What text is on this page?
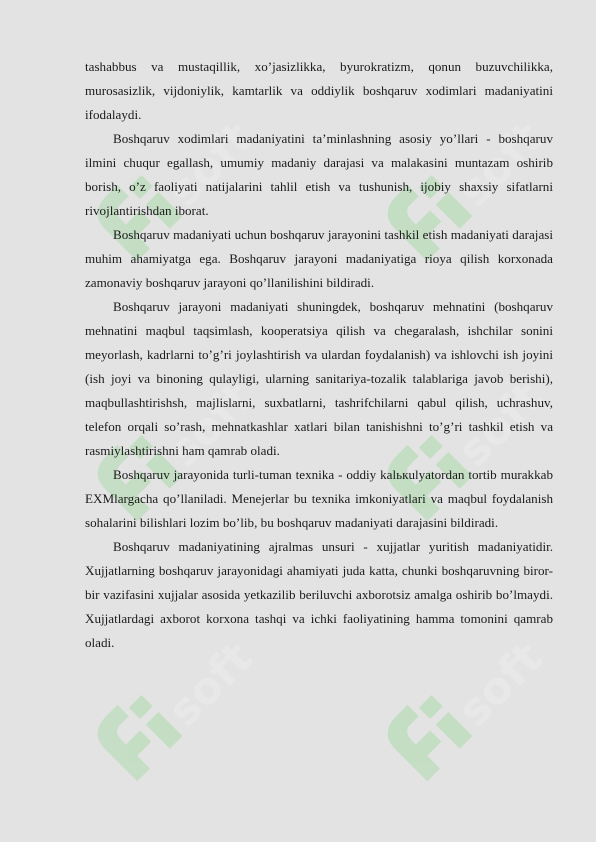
soft	soft
soft	soft
soft	soft

tashabbus va mustaqillik, xo’jasizlikka, byurokratizm, qonun buzuvchilikka, murosasizlik, vijdoniylik, kamtarlik va oddiylik boshqaruv xodimlari madaniyatini ifodalaydi.

Boshqaruv xodimlari madaniyatini ta’minlashning asosiy yo’llari - boshqaruv ilmini chuqur egallash, umumiy madaniy darajasi va malakasini muntazam oshirib borish, o’z faoliyati natijalarini tahlil etish va tushunish, ijobiy shaxsiy sifatlarni rivojlantirishdan iborat.

Boshqaruv madaniyati uchun boshqaruv jarayonini tashkil etish madaniyati darajasi muhim ahamiyatga ega. Boshqaruv jarayoni madaniyatiga rioya qilish korxonada zamonaviy boshqaruv jarayoni qo’llanilishini bildiradi.

Boshqaruv jarayoni madaniyati shuningdek, boshqaruv mehnatini (boshqaruv mehnatini maqbul taqsimlash, kooperatsiya qilish va chegaralash, ishchilar sonini meyorlash, kadrlarni to’g’ri joylashtirish va ulardan foydalanish) va ishlovchi ish joyini (ish joyi va binoning qulayligi, ularning sanitariya-tozalik talablariga javob berishi), maqbullashtirishsh, majlislarni, suxbatlarni, tashrifchilarni qabul qilish, uchrashuv, telefon orqali so’rash, mehnatkashlar xatlari bilan tanishishni to’g’ri tashkil etish va rasmiylashtirishni ham qamrab oladi.

Boshqaruv jarayonida turli-tuman texnika - oddiy kalькulyatordan tortib murakkab EXMlargacha qo’llaniladi. Menejerlar bu texnika imkoniyatlari va maqbul foydalanish sohalarini bilishlari lozim bo’lib, bu boshqaruv madaniyati darajasini bildiradi.

Boshqaruv madaniyatining ajralmas unsuri - xujjatlar yuritish madaniyatidir. Xujjatlarning boshqaruv jarayonidagi ahamiyati juda katta, chunki boshqaruvning biror-bir vazifasini xujjalar asosida yetkazilib beriluvchi axborotsiz amalga oshirib bo’lmaydi. Xujjatlardagi axborot korxona tashqi va ichki faoliyatining hamma tomonini qamrab oladi.
